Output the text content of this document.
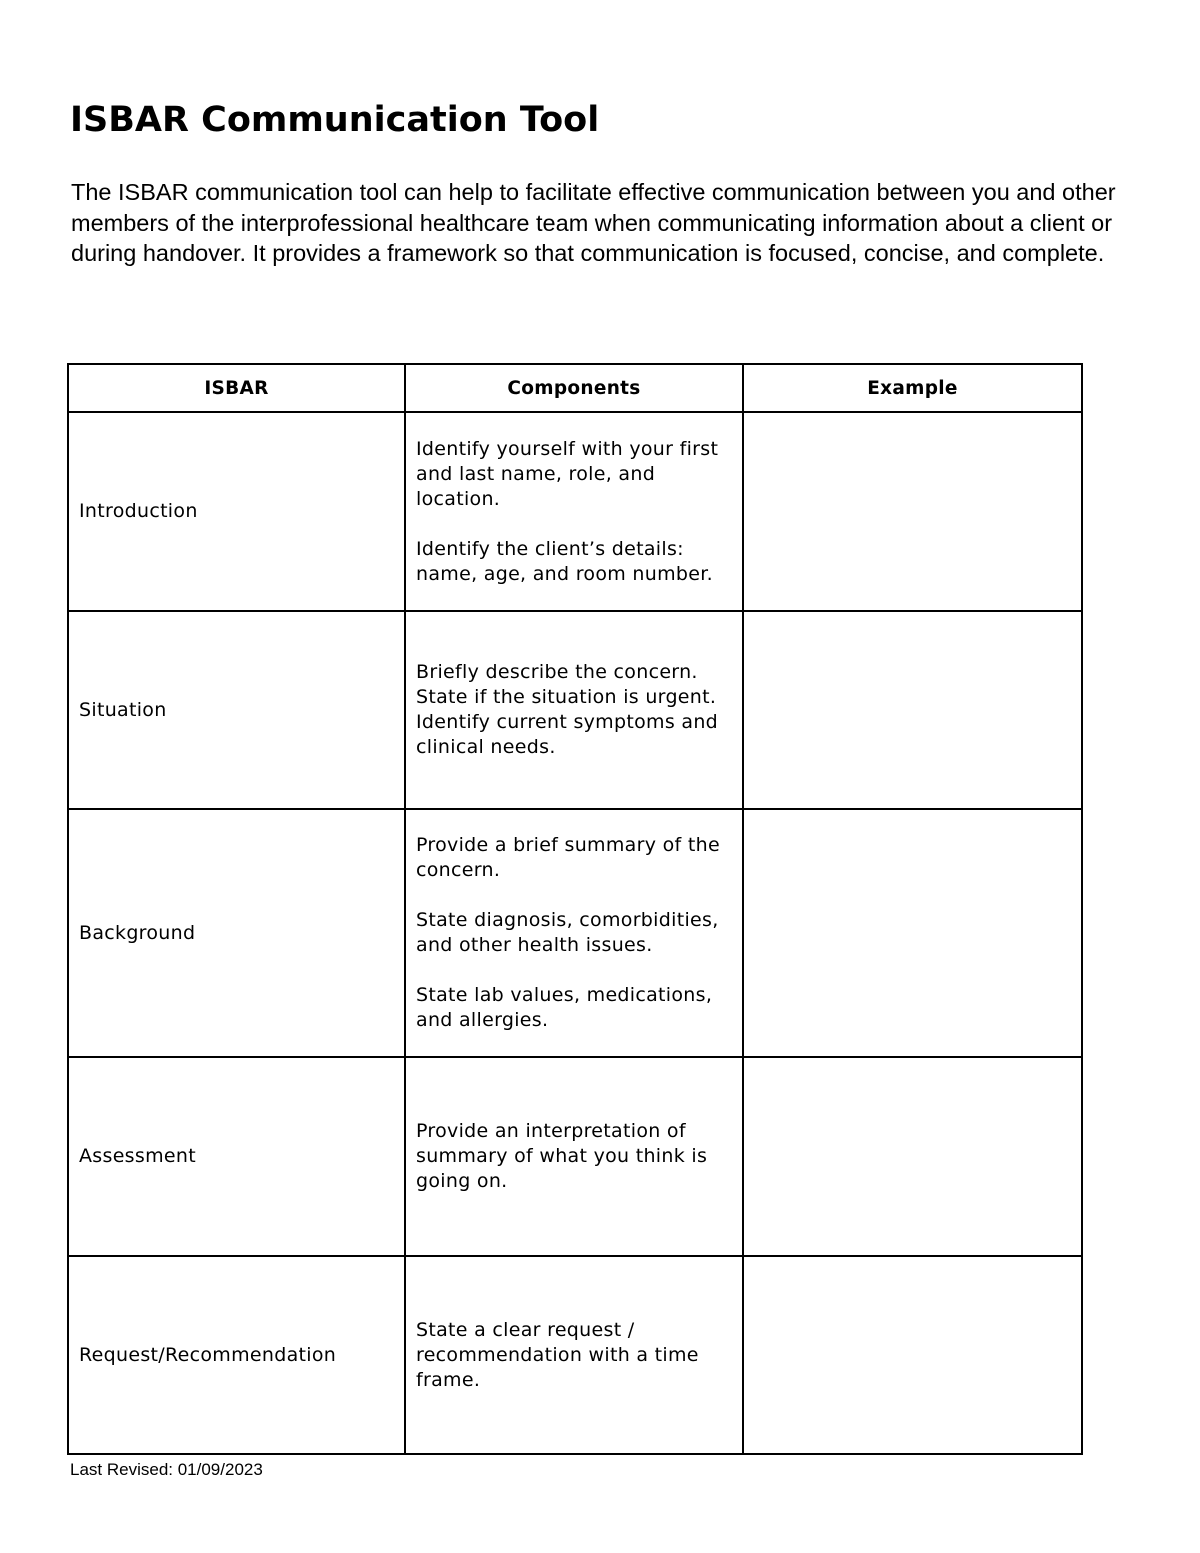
ISBAR Communication Tool

The ISBAR communication tool can help to facilitate effective communication between you and other members of the interprofessional healthcare team when communicating information about a client or during handover. It provides a framework so that communication is focused, concise, and complete.

ISBAR	Components	Example
Introduction	Identify yourself with your first and last name, role, and location.

Identify the client’s details: name, age, and room number.	

Situation	Briefly describe the concern.

State if the situation is urgent.

Identify current symptoms and clinical needs.	

Background	Provide a brief summary of the concern.

State diagnosis, comorbidities, and other health issues.

State lab values, medications, and allergies.	

Assessment	Provide an interpretation of summary of what you think is going on.	

Request/Recommendation	State a clear request / recommendation with a time frame.	

Last Revised: 01/09/2023
